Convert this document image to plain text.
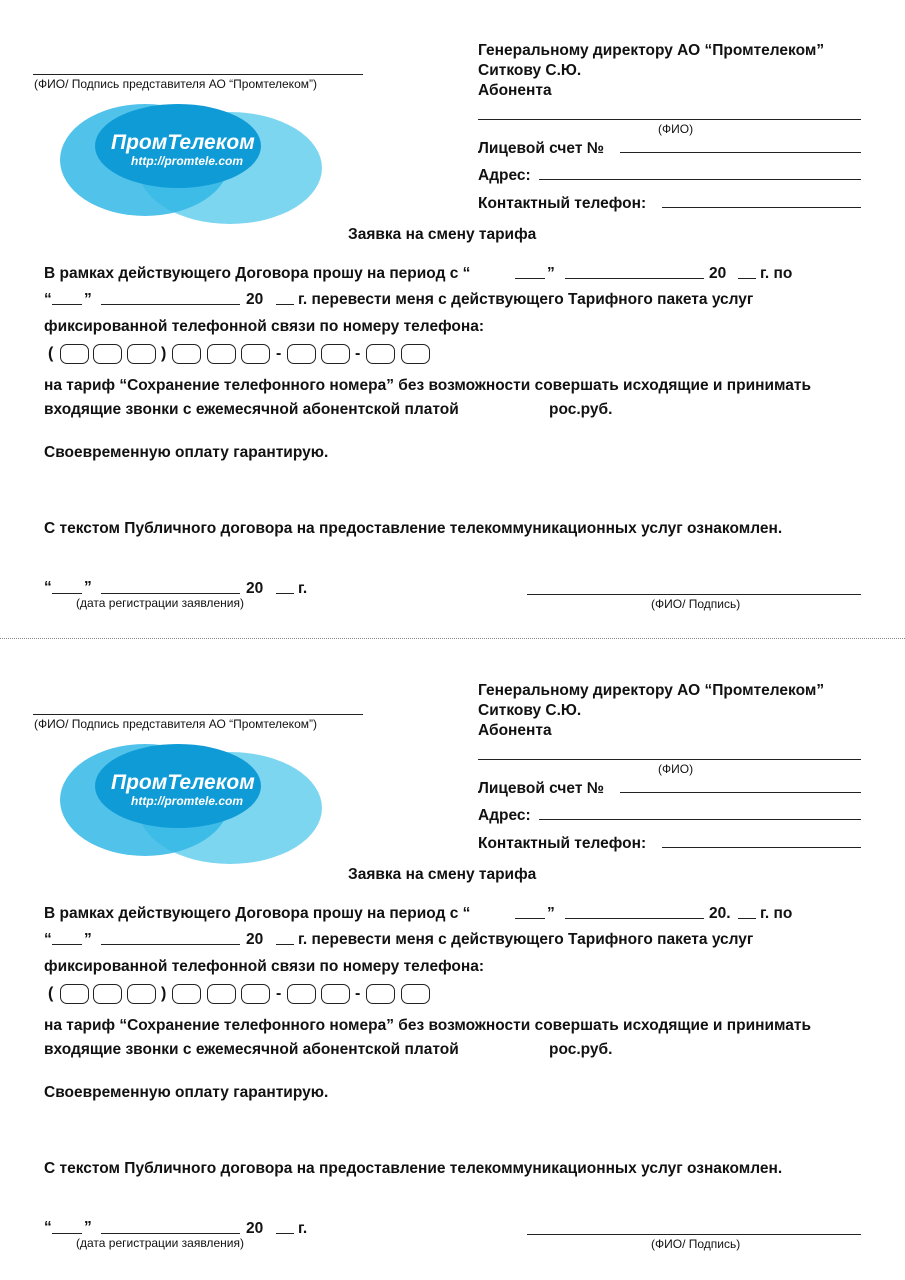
(ФИО/ Подпись представителя АО “Промтелеком”)
ПромТелеком
http://promtele.com
Генеральному директору АО “Промтелеком”
Ситкову С.Ю.
Абонента
(ФИО)
Лицевой счет №
Адрес:
Контактный телефон:
Заявка на смену тарифа
В рамках действующего Договора прошу на период с “	”	20 г. по
“ ”	20 г. перевести меня с действующего Тарифного пакета услуг
фиксированной телефонной связи по номеру телефона:
(	)	-	-
на тариф “Сохранение телефонного номера” без возможности совершать исходящие и принимать
входящие звонки с ежемесячной абонентской платой	рос.руб.
Своевременную оплату гарантирую.
С текстом Публичного договора на предоставление телекоммуникационных услуг ознакомлен.
“ ”	20 г.
(дата регистрации заявления)	(ФИО/ Подпись)
(ФИО/ Подпись представителя АО “Промтелеком”)
ПромТелеком
http://promtele.com
Генеральному директору АО “Промтелеком”
Ситкову С.Ю.
Абонента
(ФИО)
Лицевой счет №
Адрес:
Контактный телефон:
Заявка на смену тарифа
В рамках действующего Договора прошу на период с “	”	20. г. по
“ ”	20 г. перевести меня с действующего Тарифного пакета услуг
фиксированной телефонной связи по номеру телефона:
(	)	-	-
на тариф “Сохранение телефонного номера” без возможности совершать исходящие и принимать
входящие звонки с ежемесячной абонентской платой	рос.руб.
Своевременную оплату гарантирую.
С текстом Публичного договора на предоставление телекоммуникационных услуг ознакомлен.
“ ”	20 г.
(дата регистрации заявления)	(ФИО/ Подпись)
